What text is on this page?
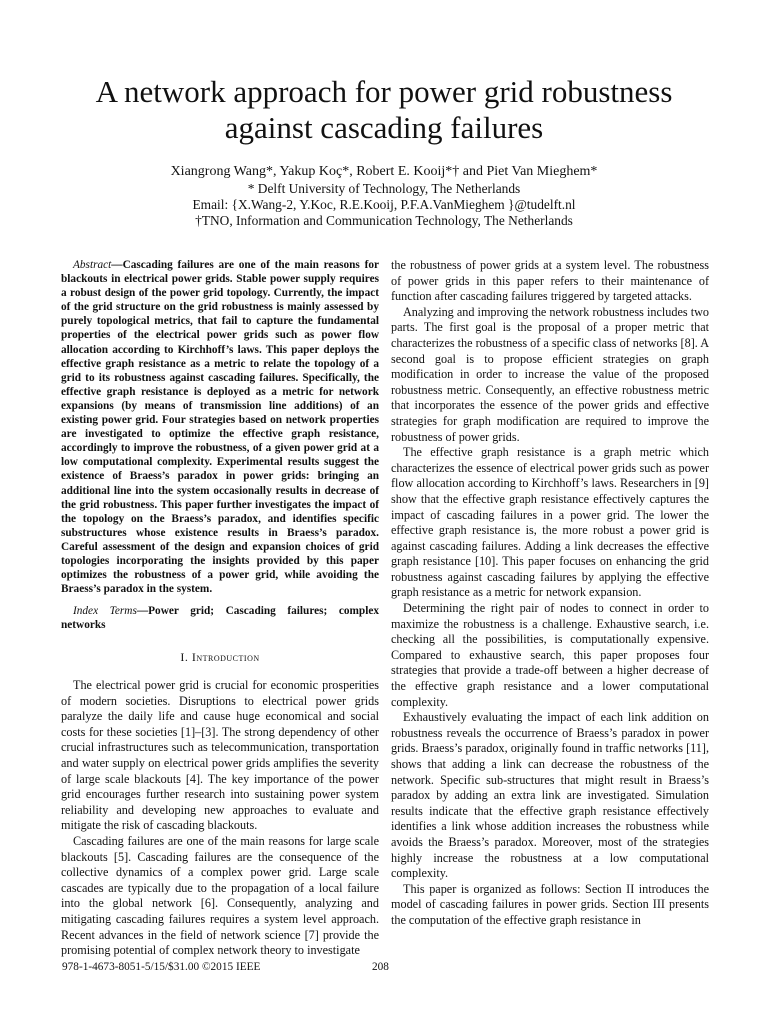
A network approach for power grid robustness
against cascading failures
Xiangrong Wang*, Yakup Koç*, Robert E. Kooij*† and Piet Van Mieghem*
* Delft University of Technology, The Netherlands
Email: {X.Wang-2, Y.Koc, R.E.Kooij, P.F.A.VanMieghem }@tudelft.nl
†TNO, Information and Communication Technology, The Netherlands

Abstract—Cascading failures are one of the main reasons for blackouts in electrical power grids. Stable power supply requires a robust design of the power grid topology. Currently, the impact of the grid structure on the grid robustness is mainly assessed by purely topological metrics, that fail to capture the fundamental properties of the electrical power grids such as power flow allocation according to Kirchhoff’s laws. This paper deploys the effective graph resistance as a metric to relate the topology of a grid to its robustness against cascading failures. Specifically, the effective graph resistance is deployed as a metric for network expansions (by means of transmission line additions) of an existing power grid. Four strategies based on network properties are investigated to optimize the effective graph resistance, accordingly to improve the robustness, of a given power grid at a low computational complexity. Experimental results suggest the existence of Braess’s paradox in power grids: bringing an additional line into the system occasionally results in decrease of the grid robustness. This paper further investigates the impact of the topology on the Braess’s paradox, and identifies specific substructures whose existence results in Braess’s paradox. Careful assessment of the design and expansion choices of grid topologies incorporating the insights provided by this paper optimizes the robustness of a power grid, while avoiding the Braess’s paradox in the system.

Index Terms—Power grid; Cascading failures; complex networks

I. Introduction

The electrical power grid is crucial for economic prosperities of modern societies. Disruptions to electrical power grids paralyze the daily life and cause huge economical and social costs for these societies [1]–[3]. The strong dependency of other crucial infrastructures such as telecommunication, transportation and water supply on electrical power grids amplifies the severity of large scale blackouts [4]. The key importance of the power grid encourages further research into sustaining power system reliability and developing new approaches to evaluate and mitigate the risk of cascading blackouts.

Cascading failures are one of the main reasons for large scale blackouts [5]. Cascading failures are the consequence of the collective dynamics of a complex power grid. Large scale cascades are typically due to the propagation of a local failure into the global network [6]. Consequently, analyzing and mitigating cascading failures requires a system level approach. Recent advances in the field of network science [7] provide the promising potential of complex network theory to investigate

the robustness of power grids at a system level. The robustness of power grids in this paper refers to their maintenance of function after cascading failures triggered by targeted attacks.

Analyzing and improving the network robustness includes two parts. The first goal is the proposal of a proper metric that characterizes the robustness of a specific class of networks [8]. A second goal is to propose efficient strategies on graph modification in order to increase the value of the proposed robustness metric. Consequently, an effective robustness metric that incorporates the essence of the power grids and effective strategies for graph modification are required to improve the robustness of power grids.

The effective graph resistance is a graph metric which characterizes the essence of electrical power grids such as power flow allocation according to Kirchhoff’s laws. Researchers in [9] show that the effective graph resistance effectively captures the impact of cascading failures in a power grid. The lower the effective graph resistance is, the more robust a power grid is against cascading failures. Adding a link decreases the effective graph resistance [10]. This paper focuses on enhancing the grid robustness against cascading failures by applying the effective graph resistance as a metric for network expansion.

Determining the right pair of nodes to connect in order to maximize the robustness is a challenge. Exhaustive search, i.e. checking all the possibilities, is computationally expensive. Compared to exhaustive search, this paper proposes four strategies that provide a trade-off between a higher decrease of the effective graph resistance and a lower computational complexity.

Exhaustively evaluating the impact of each link addition on robustness reveals the occurrence of Braess’s paradox in power grids. Braess’s paradox, originally found in traffic networks [11], shows that adding a link can decrease the robustness of the network. Specific sub-structures that might result in Braess’s paradox by adding an extra link are investigated. Simulation results indicate that the effective graph resistance effectively identifies a link whose addition increases the robustness while avoids the Braess’s paradox. Moreover, most of the strategies highly increase the robustness at a low computational complexity.

This paper is organized as follows: Section II introduces the model of cascading failures in power grids. Section III presents the computation of the effective graph resistance in

978-1-4673-8051-5/15/$31.00 ©2015 IEEE	208
